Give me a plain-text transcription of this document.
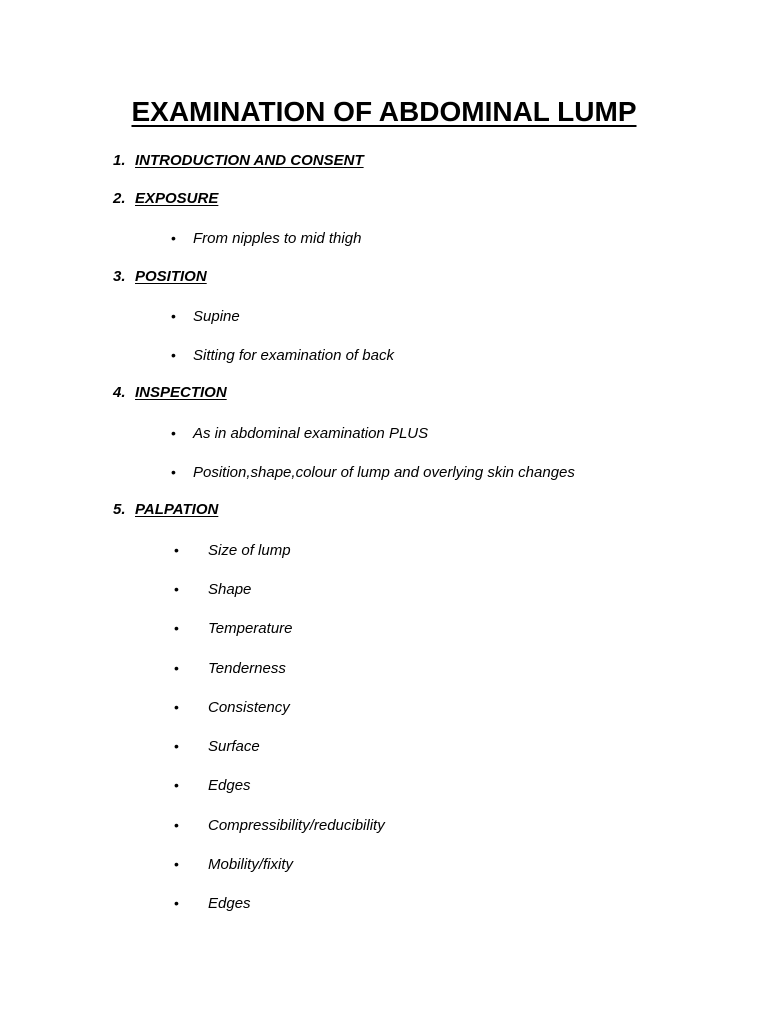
EXAMINATION OF ABDOMINAL LUMP
1. INTRODUCTION AND CONSENT
2. EXPOSURE
• From nipples to mid thigh
3. POSITION
• Supine
• Sitting for examination of back
4. INSPECTION
• As in abdominal examination PLUS
• Position,shape,colour of lump and overlying skin changes
5. PALPATION
• Size of lump
• Shape
• Temperature
• Tenderness
• Consistency
• Surface
• Edges
• Compressibility/reducibility
• Mobility/fixity
• Edges
